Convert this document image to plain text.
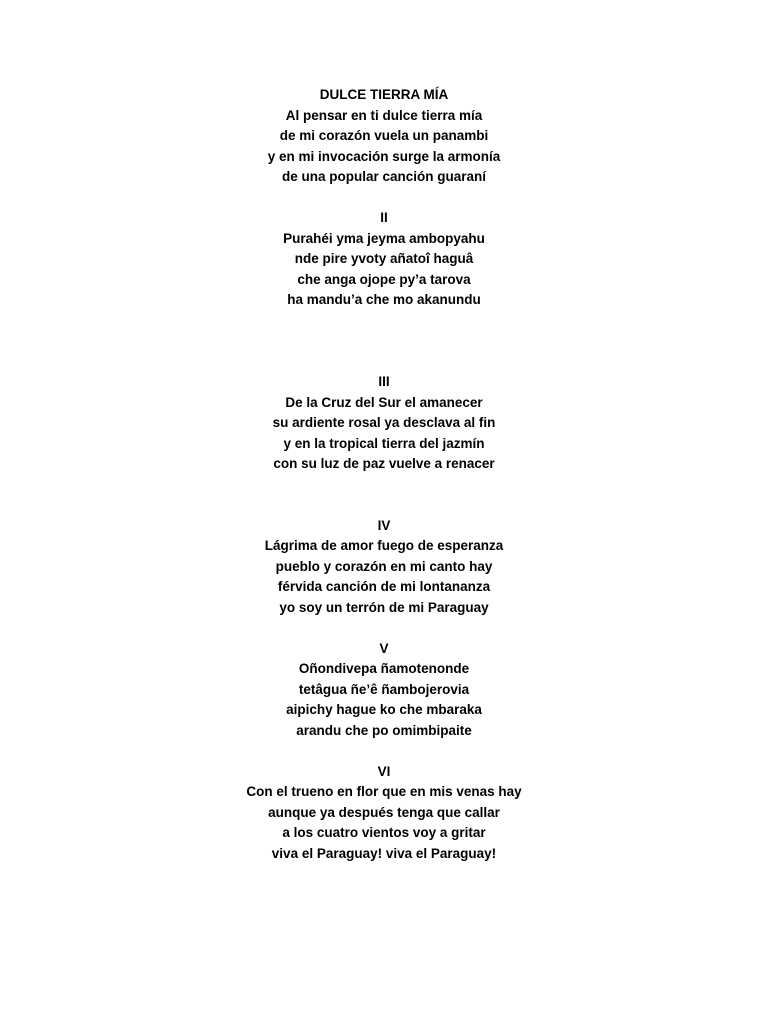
DULCE TIERRA MÍA
Al pensar en ti dulce tierra mía
de mi corazón vuela un panambi
y en mi invocación surge la armonía
de una popular canción guaraní
II
Purahéi yma jeyma ambopyahu
nde pire yvoty añatoî haguâ
che anga ojope py’a tarova
ha mandu’a che mo akanundu
III
De la Cruz del Sur el amanecer
su ardiente rosal ya desclava al fin
y en la tropical tierra del jazmín
con su luz de paz vuelve a renacer
IV
Lágrima de amor fuego de esperanza
pueblo y corazón en mi canto hay
férvida canción de mi lontananza
yo soy un terrón de mi Paraguay
V
Oñondivepa ñamotenonde
tetâgua ñe’ê ñambojerovia
aipichy hague ko che mbaraka
arandu che po omimbipaite
VI
Con el trueno en flor que en mis venas hay
aunque ya después tenga que callar
a los cuatro vientos voy a gritar
viva el Paraguay! viva el Paraguay!
